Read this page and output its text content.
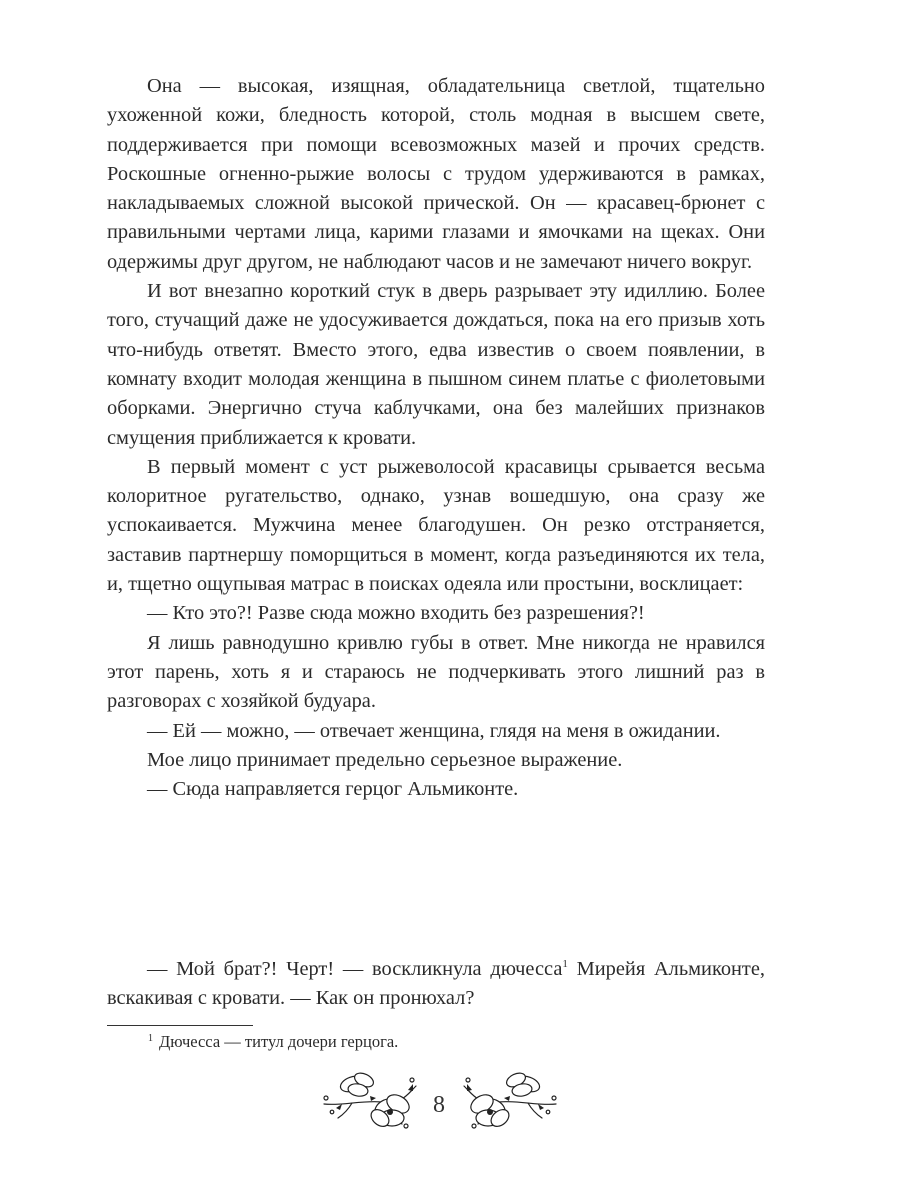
Она — высокая, изящная, обладательница светлой, тщательно ухоженной кожи, бледность которой, столь модная в высшем свете, поддерживается при помощи всевозможных мазей и прочих средств. Роскошные огненно-рыжие волосы с трудом удерживаются в рамках, накладываемых сложной высокой прической. Он — красавец-брюнет с правильными чертами лица, карими глазами и ямочками на щеках. Они одержимы друг другом, не наблюдают часов и не замечают ничего вокруг.

И вот внезапно короткий стук в дверь разрывает эту идиллию. Более того, стучащий даже не удосуживается дождаться, пока на его призыв хоть что-нибудь ответят. Вместо этого, едва известив о своем появлении, в комнату входит молодая женщина в пышном синем платье с фиолетовыми оборками. Энергично стуча каблучками, она без малейших признаков смущения приближается к кровати.

В первый момент с уст рыжеволосой красавицы срывается весьма колоритное ругательство, однако, узнав вошедшую, она сразу же успокаивается. Мужчина менее благодушен. Он резко отстраняется, заставив партнершу поморщиться в момент, когда разъединяются их тела, и, тщетно ощупывая матрас в поисках одеяла или простыни, восклицает:

— Кто это?! Разве сюда можно входить без разрешения?!

Я лишь равнодушно кривлю губы в ответ. Мне никогда не нравился этот парень, хоть я и стараюсь не подчеркивать этого лишний раз в разговорах с хозяйкой будуара.

— Ей — можно, — отвечает женщина, глядя на меня в ожидании.

Мое лицо принимает предельно серьезное выражение.

— Сюда направляется герцог Альмиконте.

— Мой брат?! Черт! — воскликнула дючесса$^1$ Мирейя Альмиконте, вскакивая с кровати. — Как он пронюхал?

$^1$ Дючесса — титул дочери герцога.
8
